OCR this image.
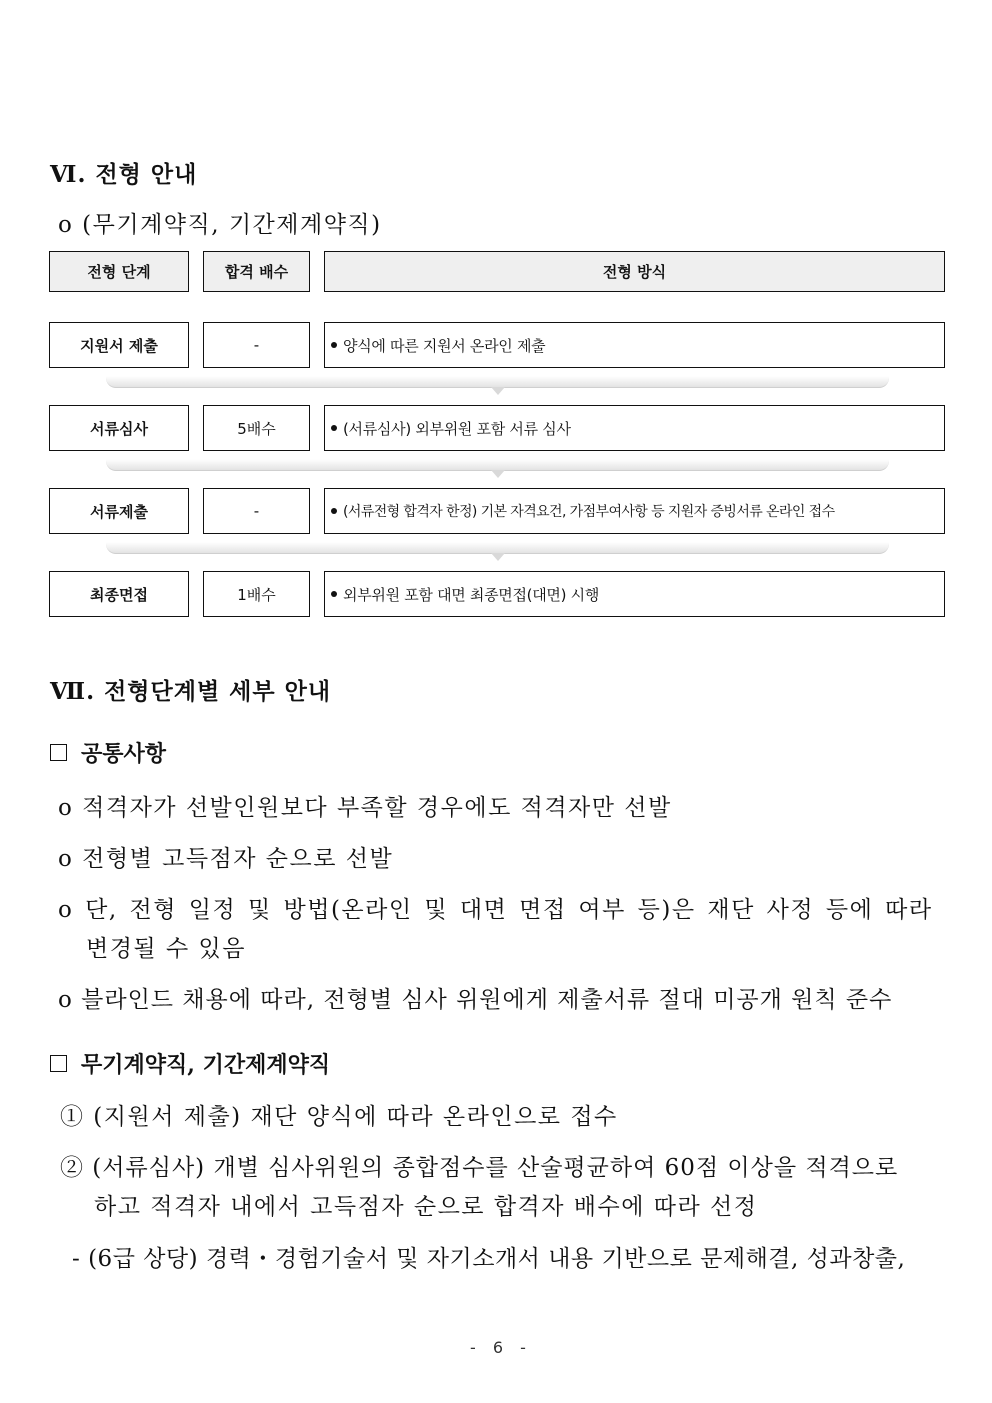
Ⅵ. 전형 안내
ο (무기계약직, 기간제계약직)
전형 단계	합격 배수	전형 방식
지원서 제출	-	양식에 따른 지원서 온라인 제출
서류심사	5배수	(서류심사) 외부위원 포함 서류 심사
서류제출	-	(서류전형 합격자 한정) 기본 자격요건, 가점부여사항 등 지원자 증빙서류 온라인 접수
최종면접	1배수	외부위원 포함 대면 최종면접(대면) 시행
Ⅶ. 전형단계별 세부 안내
공통사항
ο 적격자가 선발인원보다 부족할 경우에도 적격자만 선발
ο 전형별 고득점자 순으로 선발
ο 단, 전형 일정 및 방법(온라인 및 대면 면접 여부 등)은 재단 사정 등에 따라
변경될 수 있음
ο 블라인드 채용에 따라, 전형별 심사 위원에게 제출서류 절대 미공개 원칙 준수
무기계약직, 기간제계약직
① (지원서 제출) 재단 양식에 따라 온라인으로 접수
② (서류심사) 개별 심사위원의 종합점수를 산술평균하여 60점 이상을 적격으로
하고 적격자 내에서 고득점자 순으로 합격자 배수에 따라 선정
- (6급 상당) 경력・경험기술서 및 자기소개서 내용 기반으로 문제해결, 성과창출,
- 6 -
